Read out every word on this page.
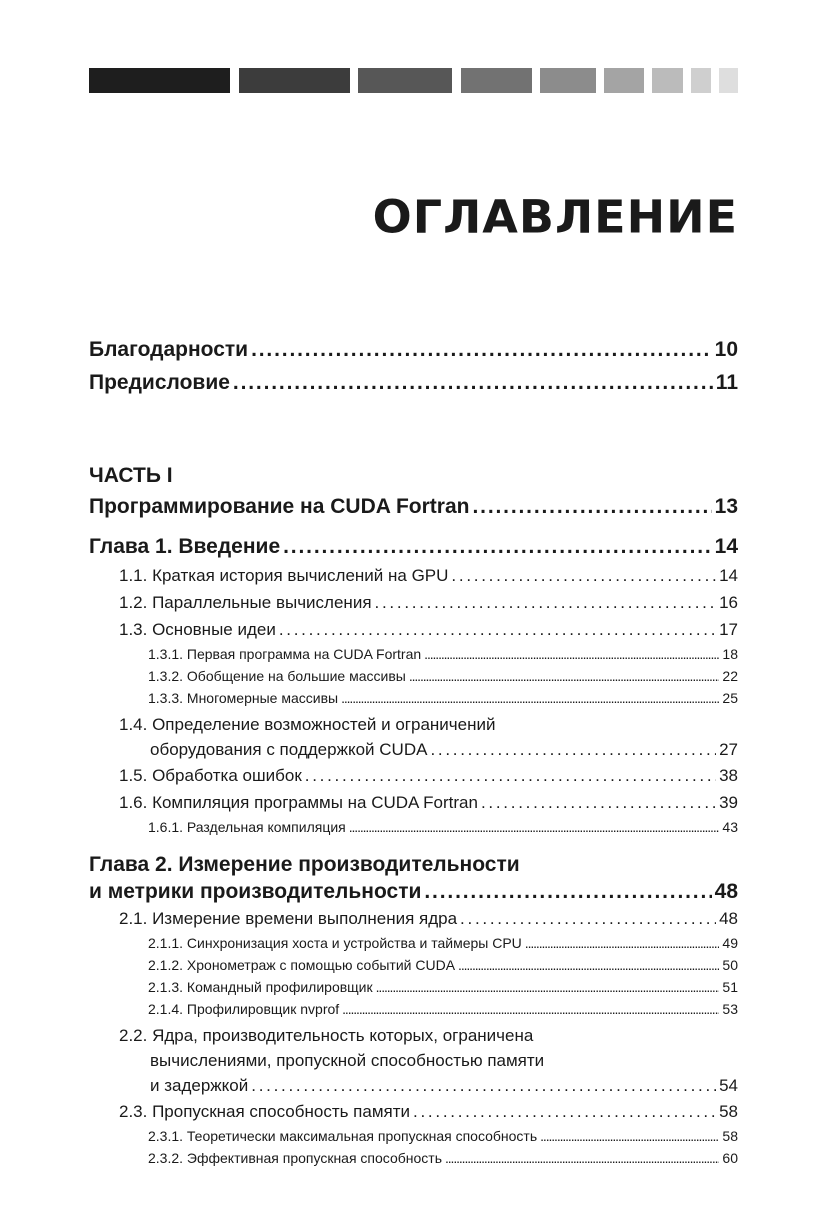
ОГЛАВЛЕНИЕ
Благодарности . . .	10
Предисловие . . .	11
ЧАСТЬ I
Программирование на CUDA Fortran . . .	13
Глава 1. Введение . . .	14
1.1. Краткая история вычислений на GPU . . .	14
1.2. Параллельные вычисления . . .	16
1.3. Основные идеи . . .	17
1.3.1. Первая программа на CUDA Fortran . . .	18
1.3.2. Обобщение на большие массивы . . .	22
1.3.3. Многомерные массивы . . .	25
1.4. Определение возможностей и ограничений
оборудования с поддержкой CUDA . . .	27
1.5. Обработка ошибок . . .	38
1.6. Компиляция программы на CUDA Fortran . . .	39
1.6.1. Раздельная компиляция . . .	43
Глава 2. Измерение производительности
и метрики производительности . . .	48
2.1. Измерение времени выполнения ядра . . .	48
2.1.1. Синхронизация хоста и устройства и таймеры CPU . . .	49
2.1.2. Хронометраж с помощью событий CUDA . . .	50
2.1.3. Командный профилировщик . . .	51
2.1.4. Профилировщик nvprof . . .	53
2.2. Ядра, производительность которых, ограничена
вычислениями, пропускной способностью памяти
и задержкой . . .	54
2.3. Пропускная способность памяти . . .	58
2.3.1. Теоретически максимальная пропускная способность . . .	58
2.3.2. Эффективная пропускная способность . . .	60
